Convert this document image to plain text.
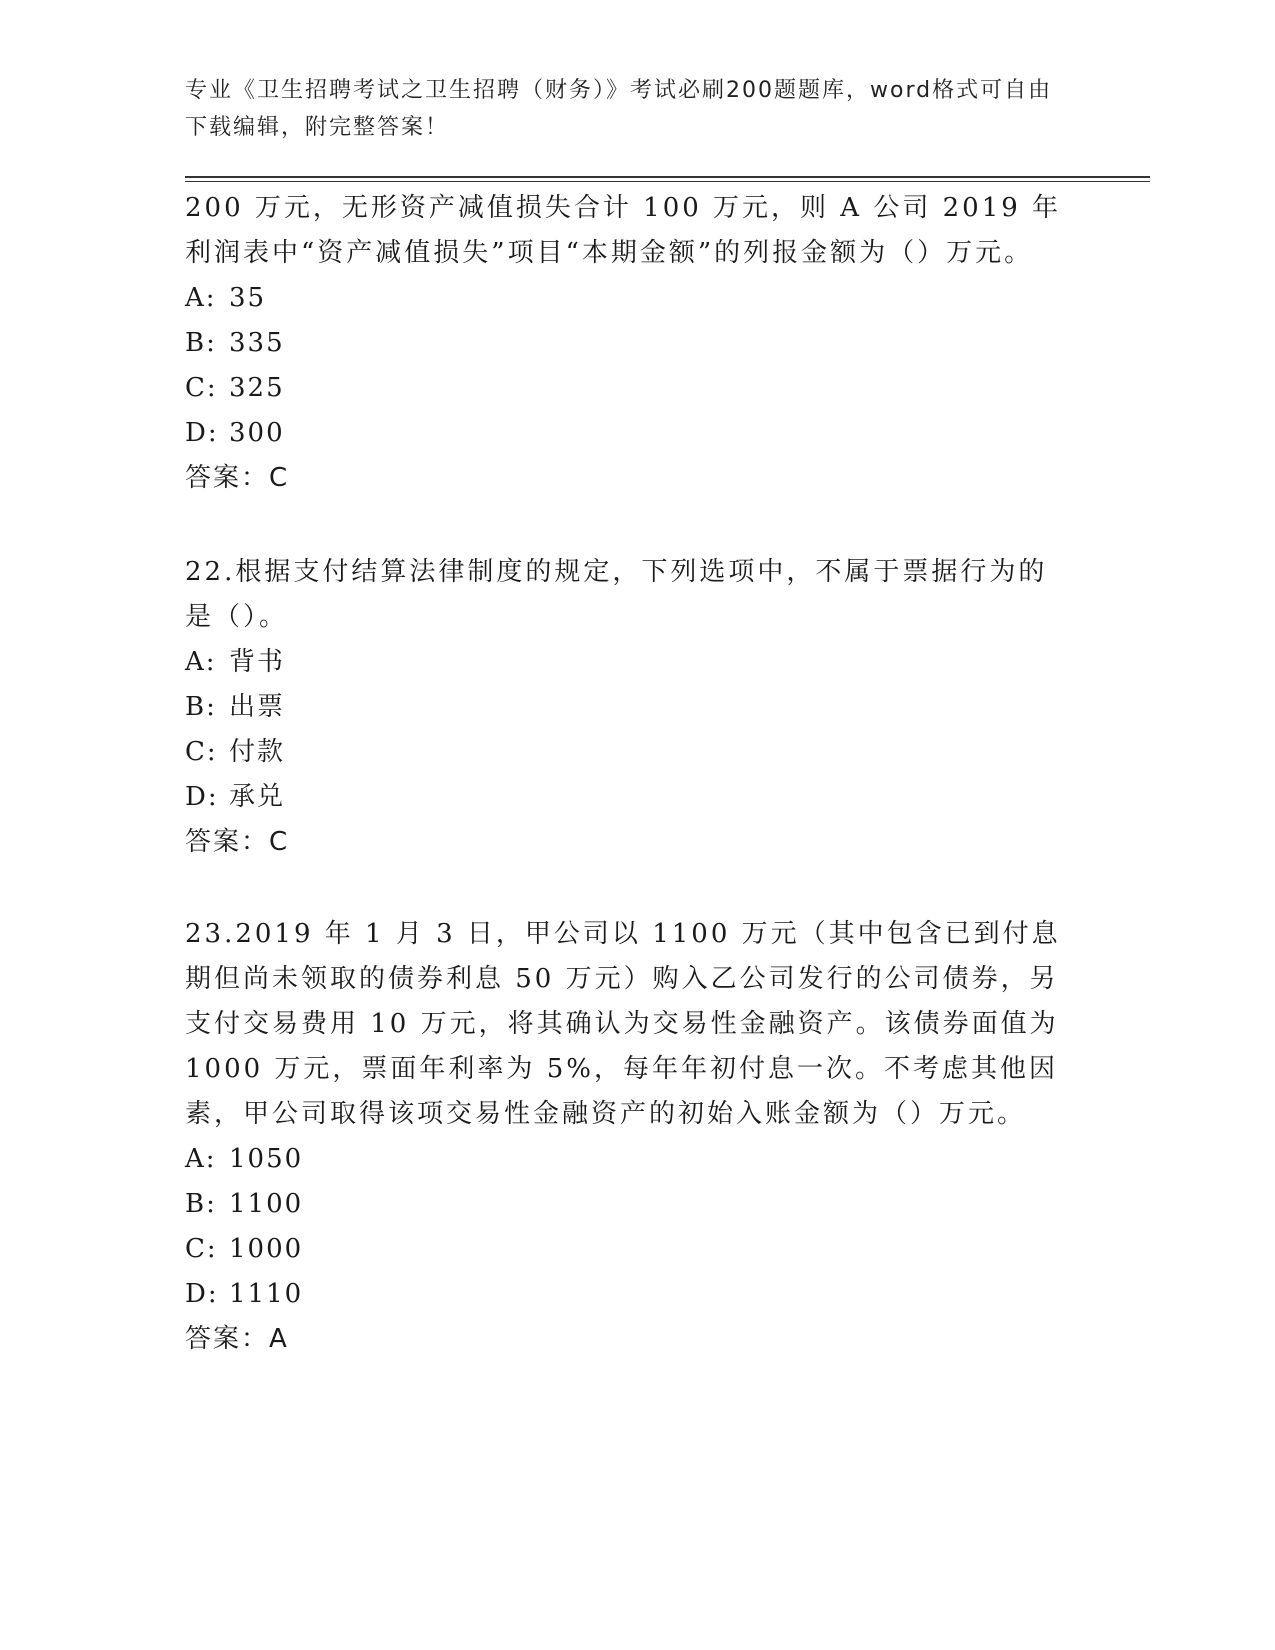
专业《卫生招聘考试之卫生招聘（财务）》考试必刷200题题库，word格式可自由下载编辑，附完整答案！
200 万元，无形资产减值损失合计 100 万元，则 A 公司 2019 年利润表中“资产减值损失”项目“本期金额”的列报金额为（）万元。
A: 35
B: 335
C: 325
D: 300
答案：C
22.根据支付结算法律制度的规定，下列选项中，不属于票据行为的是（）。
A: 背书
B: 出票
C: 付款
D: 承兑
答案：C
23.2019 年 1 月 3 日，甲公司以 1100 万元（其中包含已到付息期但尚未领取的债券利息 50 万元）购入乙公司发行的公司债券，另支付交易费用 10 万元，将其确认为交易性金融资产。该债券面值为 1000 万元，票面年利率为 5%，每年年初付息一次。不考虑其他因素，甲公司取得该项交易性金融资产的初始入账金额为（）万元。
A: 1050
B: 1100
C: 1000
D: 1110
答案：A
